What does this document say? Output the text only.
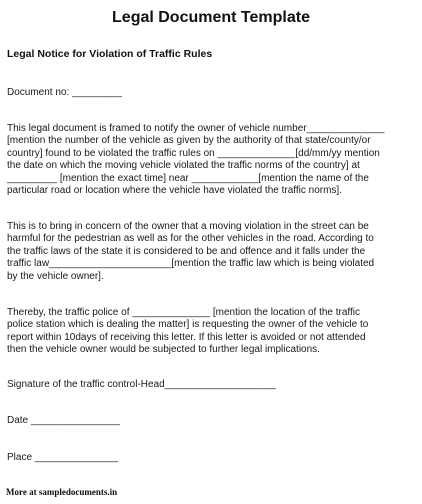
Legal Document Template
Legal Notice for Violation of Traffic Rules
Document no: _________
This legal document is framed to notify the owner of vehicle number______________
[mention the number of the vehicle as given by the authority of that state/county/or
country] found to be violated the traffic rules on ______________[dd/mm/yy mention
the date on which the moving vehicle violated the traffic norms of the country] at
_________ [mention the exact time] near ____________[mention the name of the
particular road or location where the vehicle have violated the traffic norms].
This is to bring in concern of the owner that a moving violation in the street can be
harmful for the pedestrian as well as for the other vehicles in the road. According to
the traffic laws of the state it is considered to be and offence and it falls under the
traffic law______________________[mention the traffic law which is being violated
by the vehicle owner].
Thereby, the traffic police of ______________ [mention the location of the traffic
police station which is dealing the matter] is requesting the owner of the vehicle to
report within 10days of receiving this letter. If this letter is avoided or not attended
then the vehicle owner would be subjected to further legal implications.
Signature of the traffic control-Head____________________
Date ________________
Place _______________
More at sampledocuments.in
